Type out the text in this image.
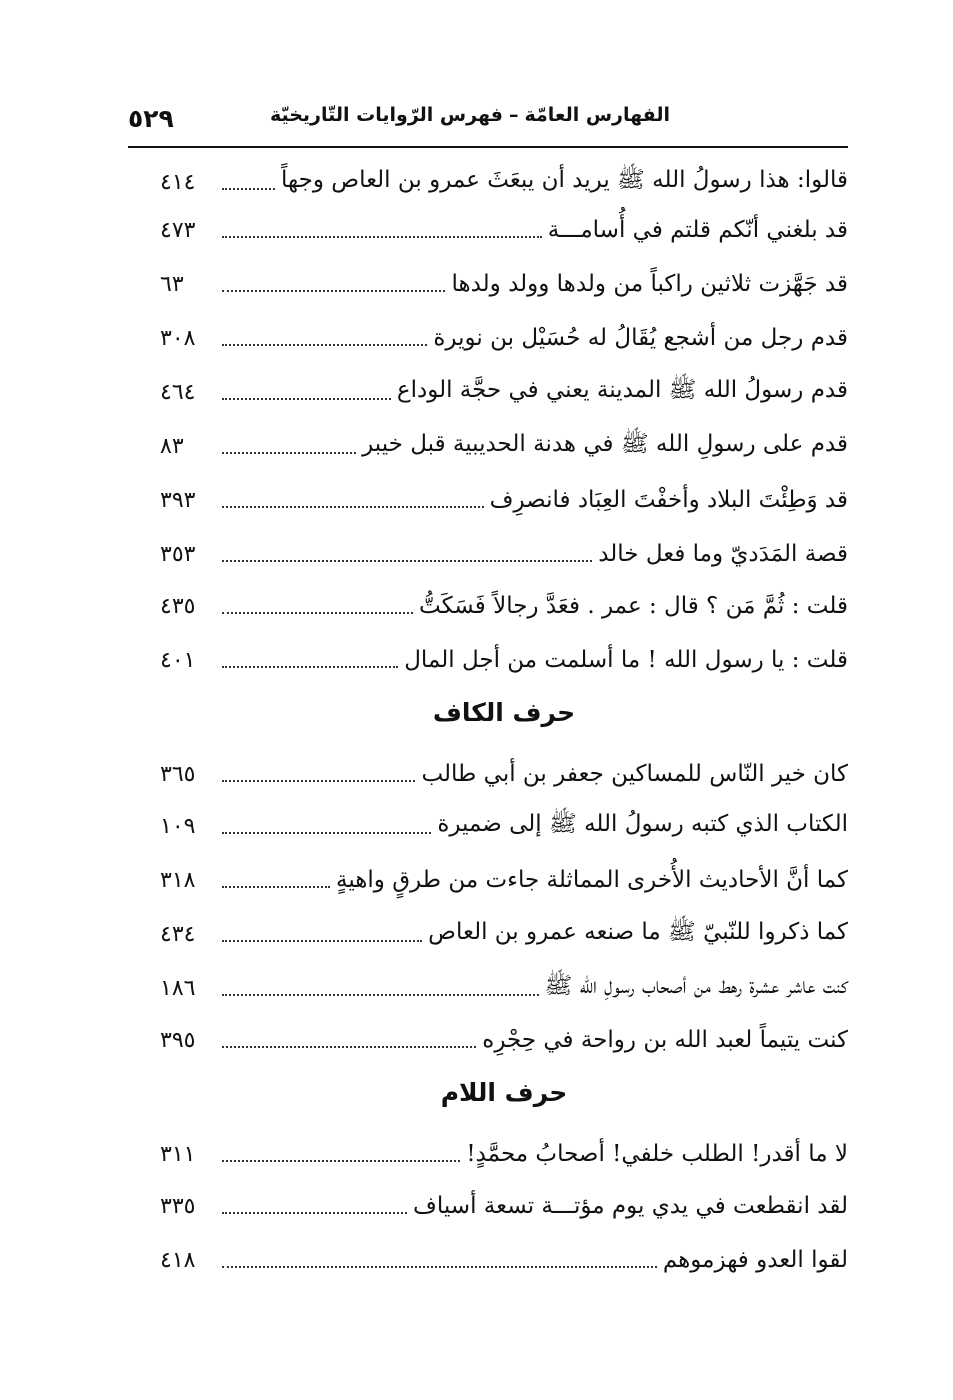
٥٢٩	الفهارس العامّة–فهرس الرّوايات التّاريخيّة
قالوا: هذا رسولُ الله ﷺ يريد أن يبعَثَ عمرو بن العاص وجهاً
٤١٤
قد بلغني أنّكم قلتم في أُسامـــة
٤٧٣
قد جَهَّزت ثلاثين راكباً من ولدها وولد ولدها
٦٣
قدم رجل من أشجع يُقَالُ له حُسَيْل بن نويرة
٣٠٨
قدم رسولُ الله ﷺ المدينة يعني في حجَّة الوداع
٤٦٤
قدم على رسولِ الله ﷺ في هدنة الحديبية قبل خيبر
٨٣
قد وَطِئْتَ البلاد وأخفْتَ العِبَاد فانصرِف
٣٩٣
قصة المَدَديّ وما فعل خالد
٣٥٣
قلت : ثُمَّ مَن ؟ قال : عمر . فعَدَّ رجالاً فَسَكَتُّ
٤٣٥
قلت : يا رسول الله ! ما أسلمت من أجل المال
٤٠١
حرف الكاف
كان خير النّاس للمساكين جعفر بن أبي طالب
٣٦٥
الكتاب الذي كتبه رسولُ الله ﷺ إلى ضميرة
١٠٩
كما أنَّ الأحاديث الأُخرى المماثلة جاءت من طرقٍ واهيةٍ
٣١٨
كما ذكروا للنّبيّ ﷺ ما صنعه عمرو بن العاص
٤٣٤
كنت عاشر عشرة رهط من أصحاب رسولِ الله ﷺ
١٨٦
كنت يتيماً لعبد الله بن رواحة في حِجْرِه
٣٩٥
حرف اللام
لا ما أقدر! الطلب خلفي! أصحابُ محمَّدٍ!
٣١١
لقد انقطعت في يدي يوم مؤتـــة تسعة أسياف
٣٣٥
لقوا العدو فهزموهم
٤١٨
